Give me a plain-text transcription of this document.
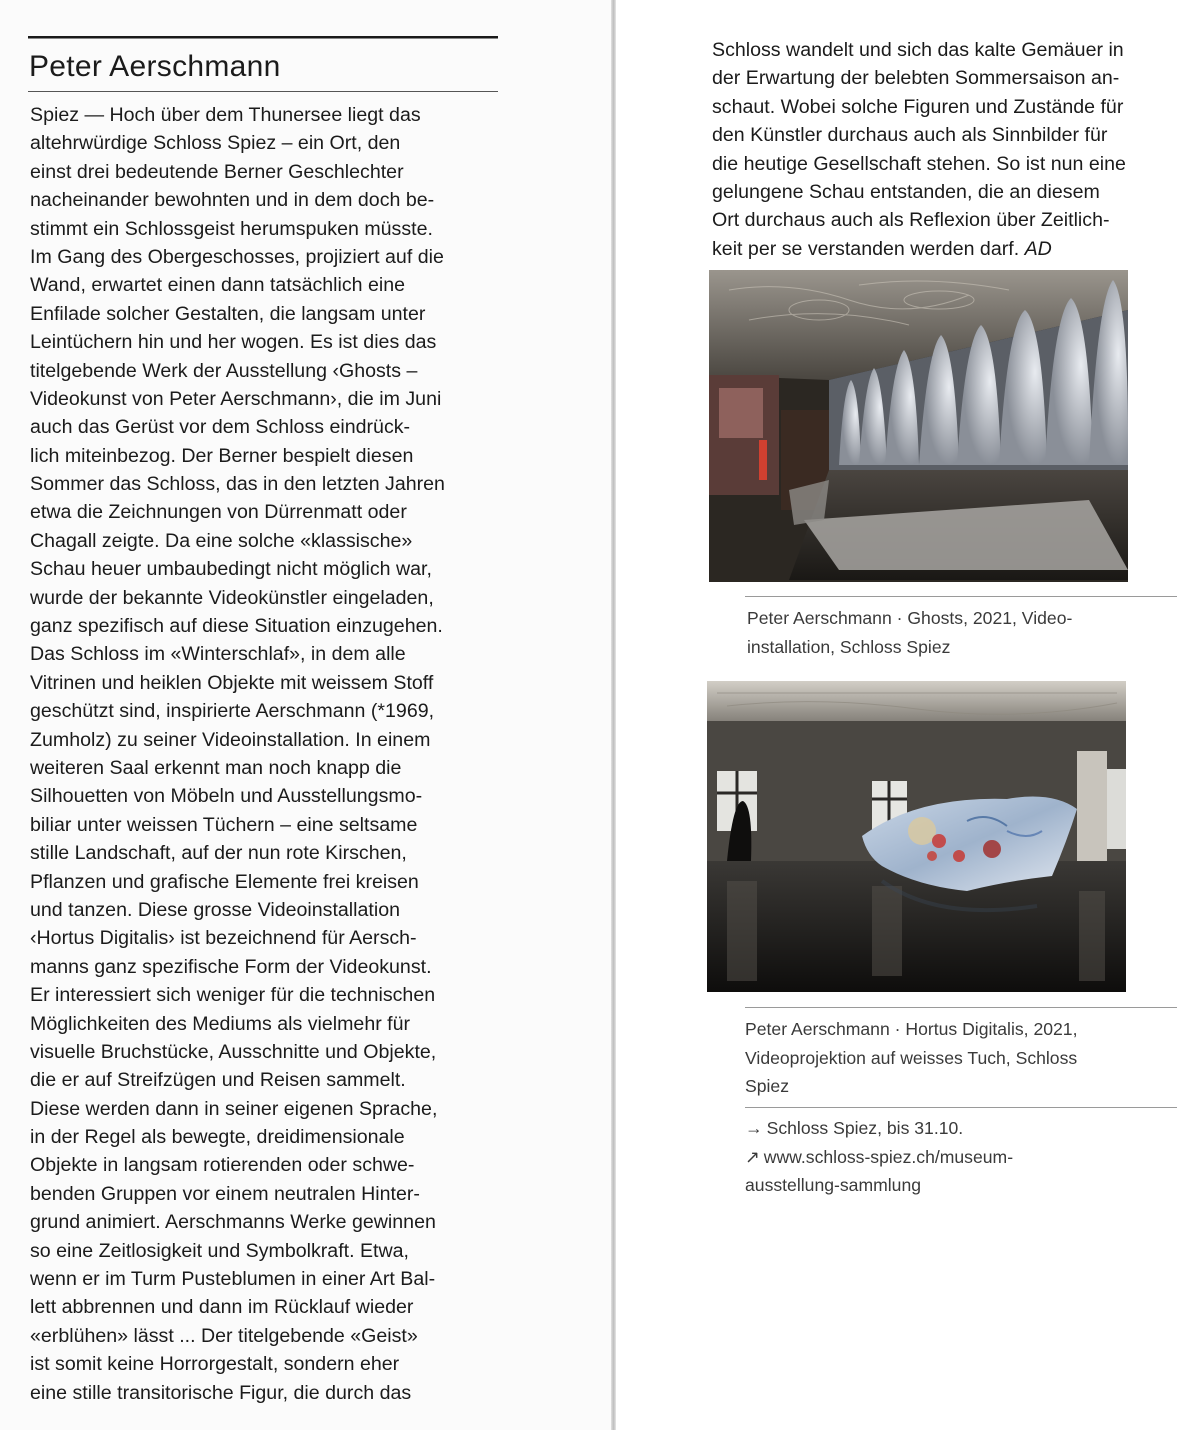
Peter Aerschmann
Spiez — Hoch über dem Thunersee liegt das
altehrwürdige Schloss Spiez – ein Ort, den
einst drei bedeutende Berner Geschlechter
nacheinander bewohnten und in dem doch be-
stimmt ein Schlossgeist herumspuken müsste.
Im Gang des Obergeschosses, projiziert auf die
Wand, erwartet einen dann tatsächlich eine
Enfilade solcher Gestalten, die langsam unter
Leintüchern hin und her wogen. Es ist dies das
titelgebende Werk der Ausstellung ‹Ghosts –
Videokunst von Peter Aerschmann›, die im Juni
auch das Gerüst vor dem Schloss eindrück-
lich miteinbezog. Der Berner bespielt diesen
Sommer das Schloss, das in den letzten Jahren
etwa die Zeichnungen von Dürrenmatt oder
Chagall zeigte. Da eine solche «klassische»
Schau heuer umbaubedingt nicht möglich war,
wurde der bekannte Videokünstler eingeladen,
ganz spezifisch auf diese Situation einzugehen.
Das Schloss im «Winterschlaf», in dem alle
Vitrinen und heiklen Objekte mit weissem Stoff
geschützt sind, inspirierte Aerschmann (*1969,
Zumholz) zu seiner Videoinstallation. In einem
weiteren Saal erkennt man noch knapp die
Silhouetten von Möbeln und Ausstellungsmo-
biliar unter weissen Tüchern – eine seltsame
stille Landschaft, auf der nun rote Kirschen,
Pflanzen und grafische Elemente frei kreisen
und tanzen. Diese grosse Videoinstallation
‹Hortus Digitalis› ist bezeichnend für Aersch-
manns ganz spezifische Form der Videokunst.
Er interessiert sich weniger für die technischen
Möglichkeiten des Mediums als vielmehr für
visuelle Bruchstücke, Ausschnitte und Objekte,
die er auf Streifzügen und Reisen sammelt.
Diese werden dann in seiner eigenen Sprache,
in der Regel als bewegte, dreidimensionale
Objekte in langsam rotierenden oder schwe-
benden Gruppen vor einem neutralen Hinter-
grund animiert. Aerschmanns Werke gewinnen
so eine Zeitlosigkeit und Symbolkraft. Etwa,
wenn er im Turm Pusteblumen in einer Art Bal-
lett abbrennen und dann im Rücklauf wieder
«erblühen» lässt ... Der titelgebende «Geist»
ist somit keine Horrorgestalt, sondern eher
eine stille transitorische Figur, die durch das
Schloss wandelt und sich das kalte Gemäuer in
der Erwartung der belebten Sommersaison an-
schaut. Wobei solche Figuren und Zustände für
den Künstler durchaus auch als Sinnbilder für
die heutige Gesellschaft stehen. So ist nun eine
gelungene Schau entstanden, die an diesem
Ort durchaus auch als Reflexion über Zeitlich-
keit per se verstanden werden darf. AD
Peter Aerschmann · Ghosts, 2021, Video-
installation, Schloss Spiez
Peter Aerschmann · Hortus Digitalis, 2021,
Videoprojektion auf weisses Tuch, Schloss
Spiez
→ Schloss Spiez, bis 31.10.
↗ www.schloss-spiez.ch/museum-
ausstellung-sammlung
